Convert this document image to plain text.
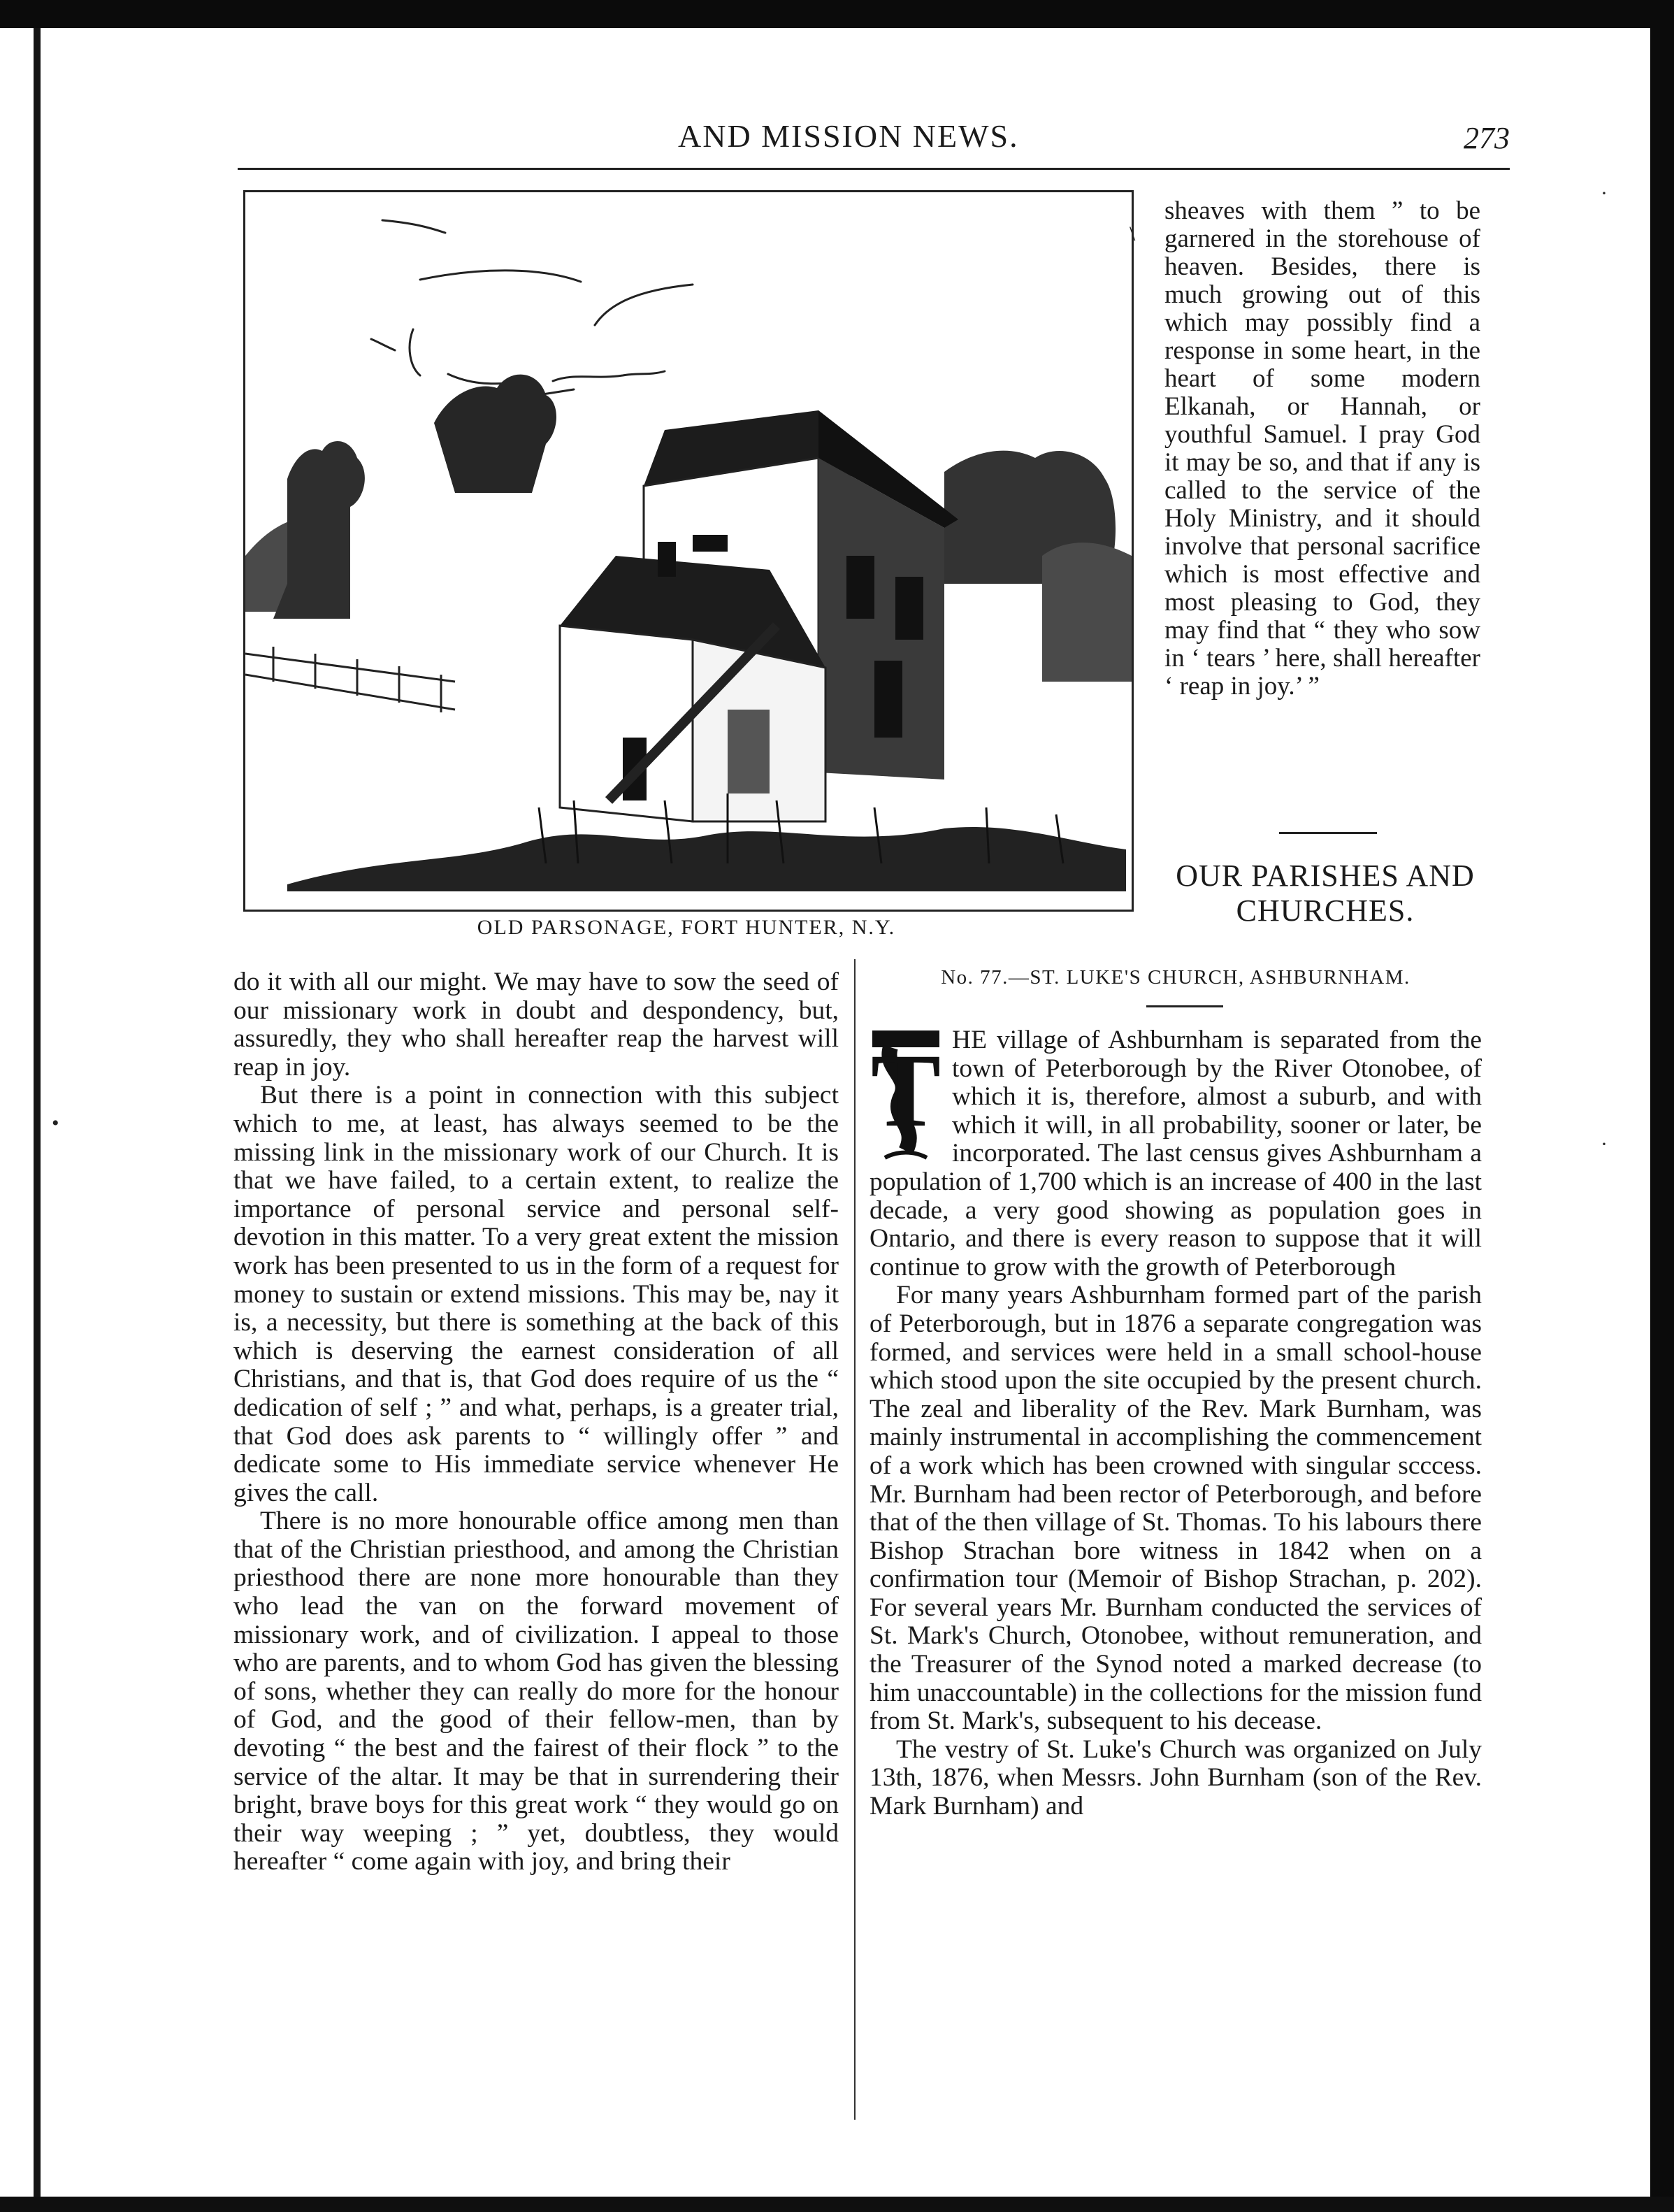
AND MISSION NEWS.	273
OLD PARSONAGE, FORT HUNTER, N.Y.

sheaves with them ” to be garnered in the storehouse of heaven. Besides, there is much growing out of this which may possibly find a response in some heart, in the heart of some modern Elkanah, or Hannah, or youthful Samuel. I pray God it may be so, and that if any is called to the service of the Holy Ministry, and it should involve that personal sacrifice which is most effective and most pleasing to God, they may find that “ they who sow in ‘ tears ’ here, shall hereafter ‘ reap in joy.’ ”

OUR PARISHES AND CHURCHES.
No. 77.—ST. LUKE'S CHURCH, ASHBURNHAM.

do it with all our might. We may have to sow the seed of our missionary work in doubt and despondency, but, assuredly, they who shall hereafter reap the harvest will reap in joy.

But there is a point in connection with this subject which to me, at least, has always seemed to be the missing link in the missionary work of our Church. It is that we have failed, to a certain extent, to realize the importance of personal service and personal self-devotion in this matter. To a very great extent the mission work has been presented to us in the form of a request for money to sustain or extend missions. This may be, nay it is, a necessity, but there is something at the back of this which is deserving the earnest consideration of all Christians, and that is, that God does require of us the “ dedication of self ; ” and what, perhaps, is a greater trial, that God does ask parents to “ willingly offer ” and dedicate some to His immediate service whenever He gives the call.

There is no more honourable office among men than that of the Christian priesthood, and among the Christian priesthood there are none more honourable than they who lead the van on the forward movement of missionary work, and of civilization. I appeal to those who are parents, and to whom God has given the blessing of sons, whether they can really do more for the honour of God, and the good of their fellow-men, than by devoting “ the best and the fairest of their flock ” to the service of the altar. It may be that in surrendering their bright, brave boys for this great work “ they would go on their way weeping ; ” yet, doubtless, they would hereafter “ come again with joy, and bring their

T HE village of Ashburnham is separated from the town of Peterborough by the River Otonobee, of which it is, therefore, almost a suburb, and with which it will, in all probability, sooner or later, be incorporated. The last census gives Ashburnham a population of 1,700 which is an increase of 400 in the last decade, a very good showing as population goes in Ontario, and there is every reason to suppose that it will continue to grow with the growth of Peterborough

For many years Ashburnham formed part of the parish of Peterborough, but in 1876 a separate congregation was formed, and services were held in a small school-house which stood upon the site occupied by the present church. The zeal and liberality of the Rev. Mark Burnham, was mainly instrumental in accomplishing the commencement of a work which has been crowned with singular scccess. Mr. Burnham had been rector of Peterborough, and before that of the then village of St. Thomas. To his labours there Bishop Strachan bore witness in 1842 when on a confirmation tour (Memoir of Bishop Strachan, p. 202). For several years Mr. Burnham conducted the services of St. Mark's Church, Otonobee, without remuneration, and the Treasurer of the Synod noted a marked decrease (to him unaccountable) in the collections for the mission fund from St. Mark's, subsequent to his decease.

The vestry of St. Luke's Church was organized on July 13th, 1876, when Messrs. John Burnham (son of the Rev. Mark Burnham) and

\
·
·
•
